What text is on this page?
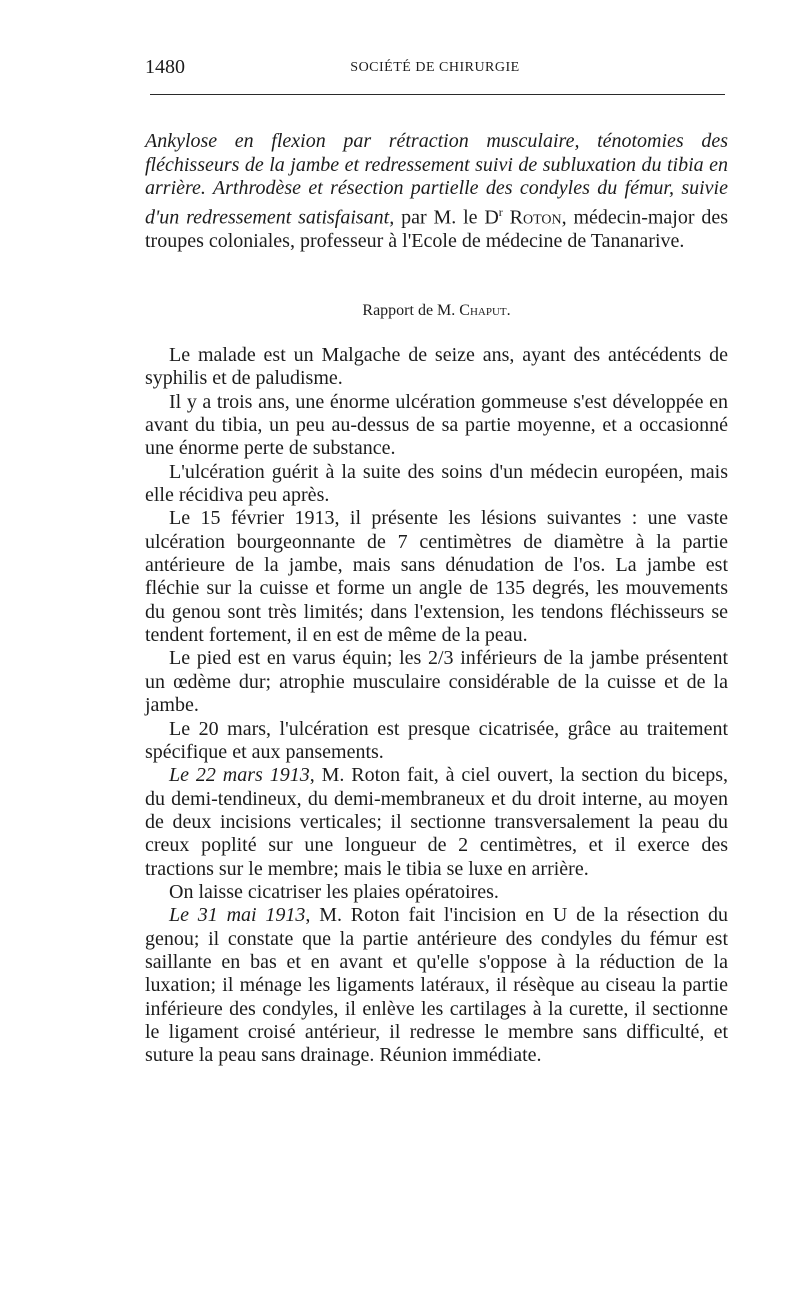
1480	SOCIÉTÉ DE CHIRURGIE
Ankylose en flexion par rétraction musculaire, ténotomies des fléchisseurs de la jambe et redressement suivi de subluxation du tibia en arrière. Arthrodèse et résection partielle des condyles du fémur, suivie d'un redressement satisfaisant, par M. le $D^r$ Roton, médecin-major des troupes coloniales, professeur à l'Ecole de médecine de Tananarive.
Rapport de M. Chaput.

Le malade est un Malgache de seize ans, ayant des antécédents de syphilis et de paludisme.

Il y a trois ans, une énorme ulcération gommeuse s'est développée en avant du tibia, un peu au-dessus de sa partie moyenne, et a occasionné une énorme perte de substance.

L'ulcération guérit à la suite des soins d'un médecin européen, mais elle récidiva peu après.

Le 15 février 1913, il présente les lésions suivantes : une vaste ulcération bourgeonnante de 7 centimètres de diamètre à la partie antérieure de la jambe, mais sans dénudation de l'os. La jambe est fléchie sur la cuisse et forme un angle de 135 degrés, les mouvements du genou sont très limités; dans l'extension, les tendons fléchisseurs se tendent fortement, il en est de même de la peau.

Le pied est en varus équin; les 2/3 inférieurs de la jambe présentent un œdème dur; atrophie musculaire considérable de la cuisse et de la jambe.

Le 20 mars, l'ulcération est presque cicatrisée, grâce au traitement spécifique et aux pansements.

Le 22 mars 1913, M. Roton fait, à ciel ouvert, la section du biceps, du demi-tendineux, du demi-membraneux et du droit interne, au moyen de deux incisions verticales; il sectionne transversalement la peau du creux poplité sur une longueur de 2 centimètres, et il exerce des tractions sur le membre; mais le tibia se luxe en arrière.

On laisse cicatriser les plaies opératoires.

Le 31 mai 1913, M. Roton fait l'incision en U de la résection du genou; il constate que la partie antérieure des condyles du fémur est saillante en bas et en avant et qu'elle s'oppose à la réduction de la luxation; il ménage les ligaments latéraux, il résèque au ciseau la partie inférieure des condyles, il enlève les cartilages à la curette, il sectionne le ligament croisé antérieur, il redresse le membre sans difficulté, et suture la peau sans drainage. Réunion immédiate.
